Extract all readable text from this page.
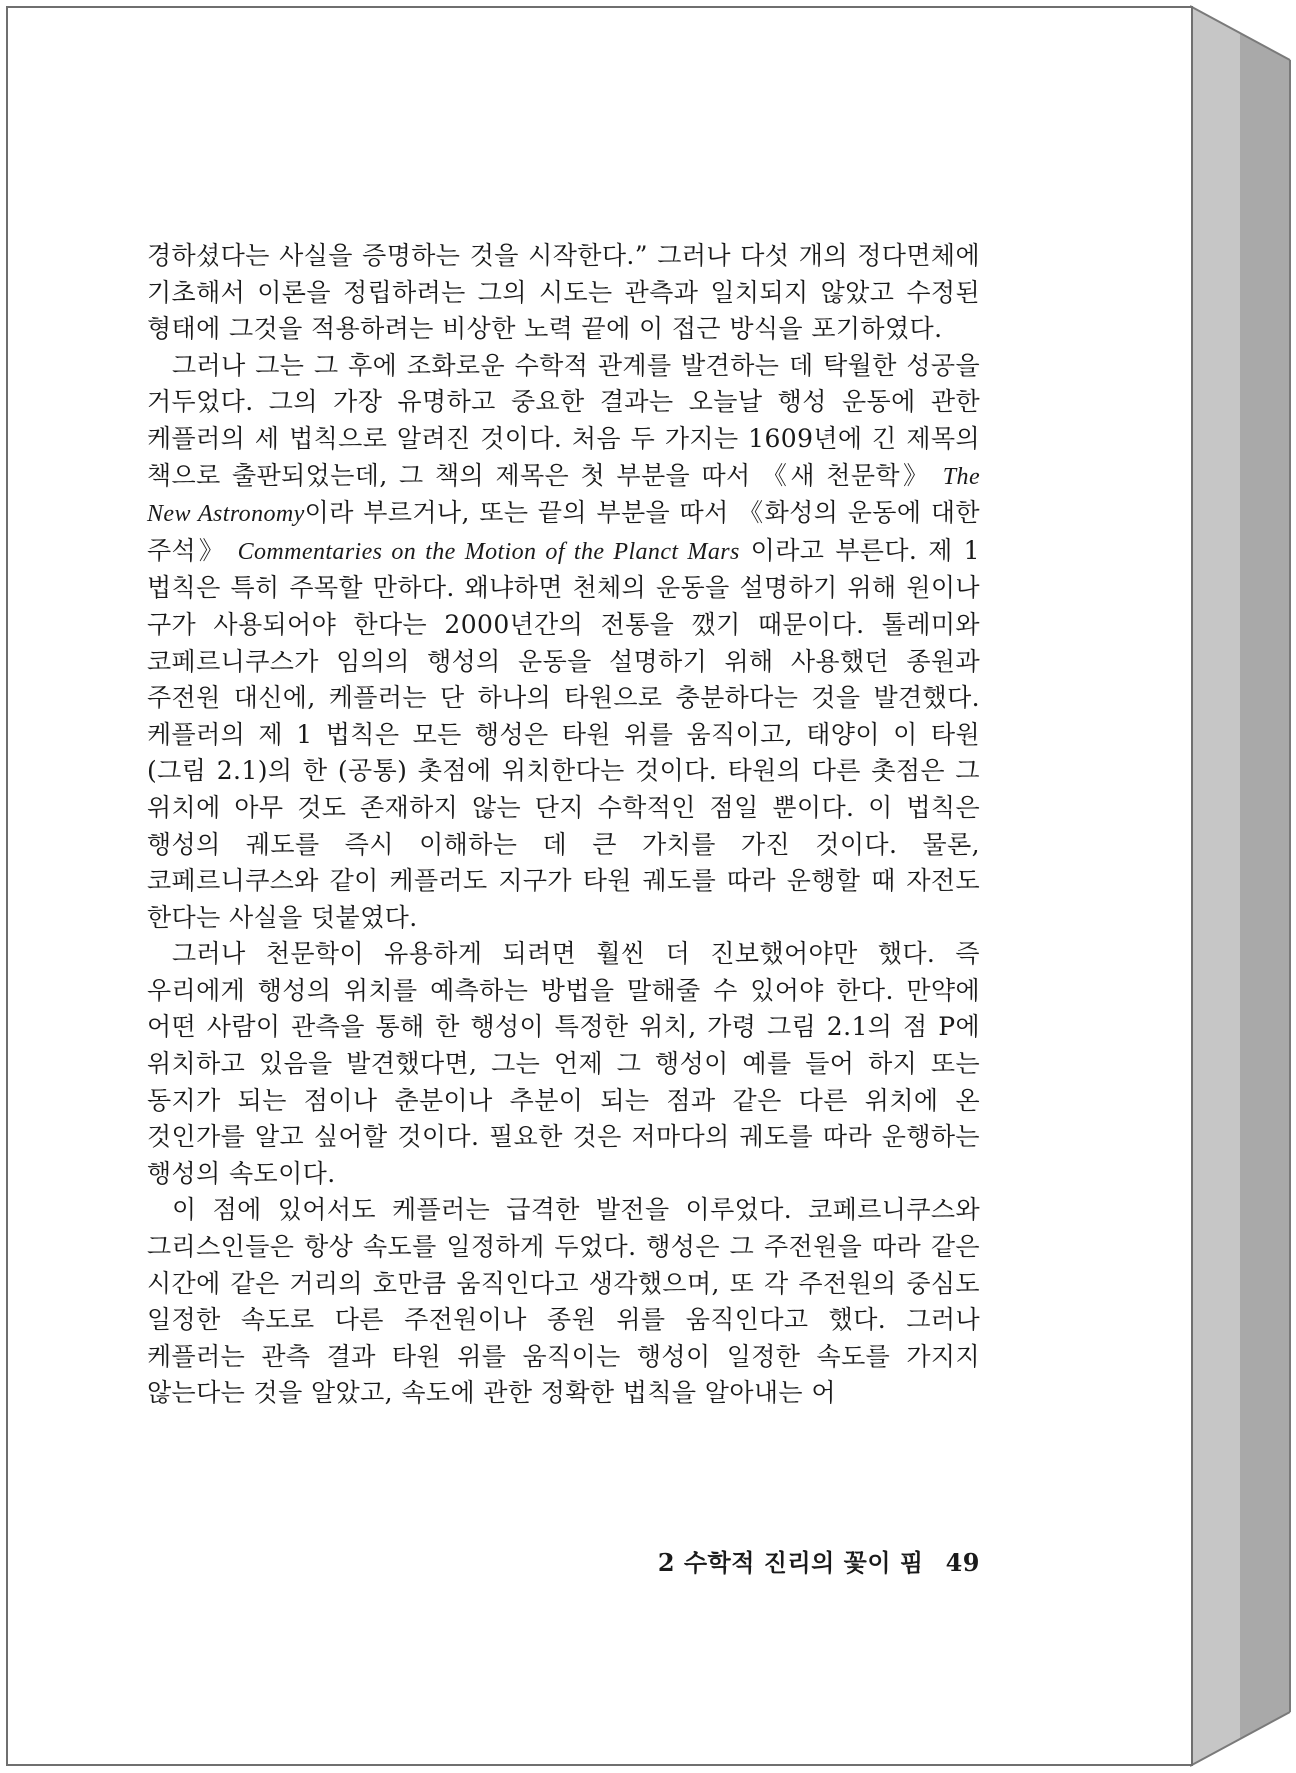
경하셨다는 사실을 증명하는 것을 시작한다.” 그러나 다섯 개의 정다면체에 기초해서 이론을 정립하려는 그의 시도는 관측과 일치되지 않았고 수정된 형태에 그것을 적용하려는 비상한 노력 끝에 이 접근 방식을 포기하였다.

그러나 그는 그 후에 조화로운 수학적 관계를 발견하는 데 탁월한 성공을 거두었다. 그의 가장 유명하고 중요한 결과는 오늘날 행성 운동에 관한 케플러의 세 법칙으로 알려진 것이다. 처음 두 가지는 1609년에 긴 제목의 책으로 출판되었는데, 그 책의 제목은 첫 부분을 따서 《새 천문학》 The New Astronomy이라 부르거나, 또는 끝의 부분을 따서 《화성의 운동에 대한 주석》 Commentaries on the Motion of the Planct Mars 이라고 부른다. 제 1 법칙은 특히 주목할 만하다. 왜냐하면 천체의 운동을 설명하기 위해 원이나 구가 사용되어야 한다는 2000년간의 전통을 깼기 때문이다. 톨레미와 코페르니쿠스가 임의의 행성의 운동을 설명하기 위해 사용했던 종원과 주전원 대신에, 케플러는 단 하나의 타원으로 충분하다는 것을 발견했다. 케플러의 제 1 법칙은 모든 행성은 타원 위를 움직이고, 태양이 이 타원(그림 2.1)의 한 (공통) 촛점에 위치한다는 것이다. 타원의 다른 촛점은 그 위치에 아무 것도 존재하지 않는 단지 수학적인 점일 뿐이다. 이 법칙은 행성의 궤도를 즉시 이해하는 데 큰 가치를 가진 것이다. 물론, 코페르니쿠스와 같이 케플러도 지구가 타원 궤도를 따라 운행할 때 자전도 한다는 사실을 덧붙였다.

그러나 천문학이 유용하게 되려면 훨씬 더 진보했어야만 했다. 즉 우리에게 행성의 위치를 예측하는 방법을 말해줄 수 있어야 한다. 만약에 어떤 사람이 관측을 통해 한 행성이 특정한 위치, 가령 그림 2.1의 점 P에 위치하고 있음을 발견했다면, 그는 언제 그 행성이 예를 들어 하지 또는 동지가 되는 점이나 춘분이나 추분이 되는 점과 같은 다른 위치에 온 것인가를 알고 싶어할 것이다. 필요한 것은 저마다의 궤도를 따라 운행하는 행성의 속도이다.

이 점에 있어서도 케플러는 급격한 발전을 이루었다. 코페르니쿠스와 그리스인들은 항상 속도를 일정하게 두었다. 행성은 그 주전원을 따라 같은 시간에 같은 거리의 호만큼 움직인다고 생각했으며, 또 각 주전원의 중심도 일정한 속도로 다른 주전원이나 종원 위를 움직인다고 했다. 그러나 케플러는 관측 결과 타원 위를 움직이는 행성이 일정한 속도를 가지지 않는다는 것을 알았고, 속도에 관한 정확한 법칙을 알아내는 어

2 수학적 진리의 꽃이 핌 49
